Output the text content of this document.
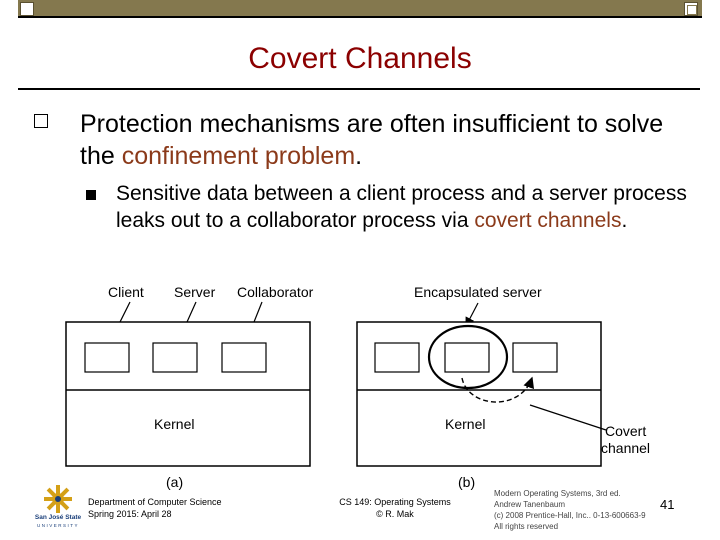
Covert Channels
Protection mechanisms are often insufficient to solve the confinement problem.
Sensitive data between a client process and a server process leaks out to a collaborator process via covert channels.
Client Server Collaborator
Kernel
(a)
Encapsulated server
Kernel	Covert
channel
(b)
San José State
UNIVERSITY
Department of Computer Science
Spring 2015: April 28
CS 149: Operating Systems
© R. Mak
Modern Operating Systems, 3rd ed.
Andrew Tanenbaum
(c) 2008 Prentice-Hall, Inc.. 0-13-600663-9
All rights reserved
41
